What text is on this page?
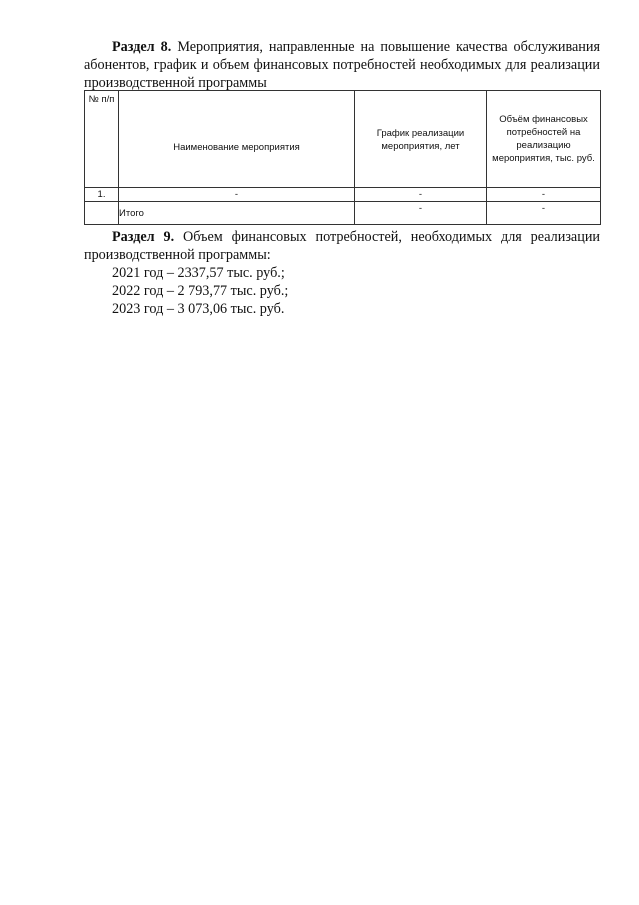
Раздел 8. Мероприятия, направленные на повышение качества обслуживания абонентов, график и объем финансовых потребностей необходимых для реализации производственной программы

№ п/п	Наименование мероприятия	График реализации мероприятия, лет	Объём финансовых потребностей на реализацию мероприятия, тыс. руб.
1.	-	-	-
	Итого	-	-

Раздел 9. Объем финансовых потребностей, необходимых для реализации производственной программы:

2021 год – 2337,57 тыс. руб.;
2022 год – 2 793,77 тыс. руб.;
2023 год – 3 073,06 тыс. руб.
